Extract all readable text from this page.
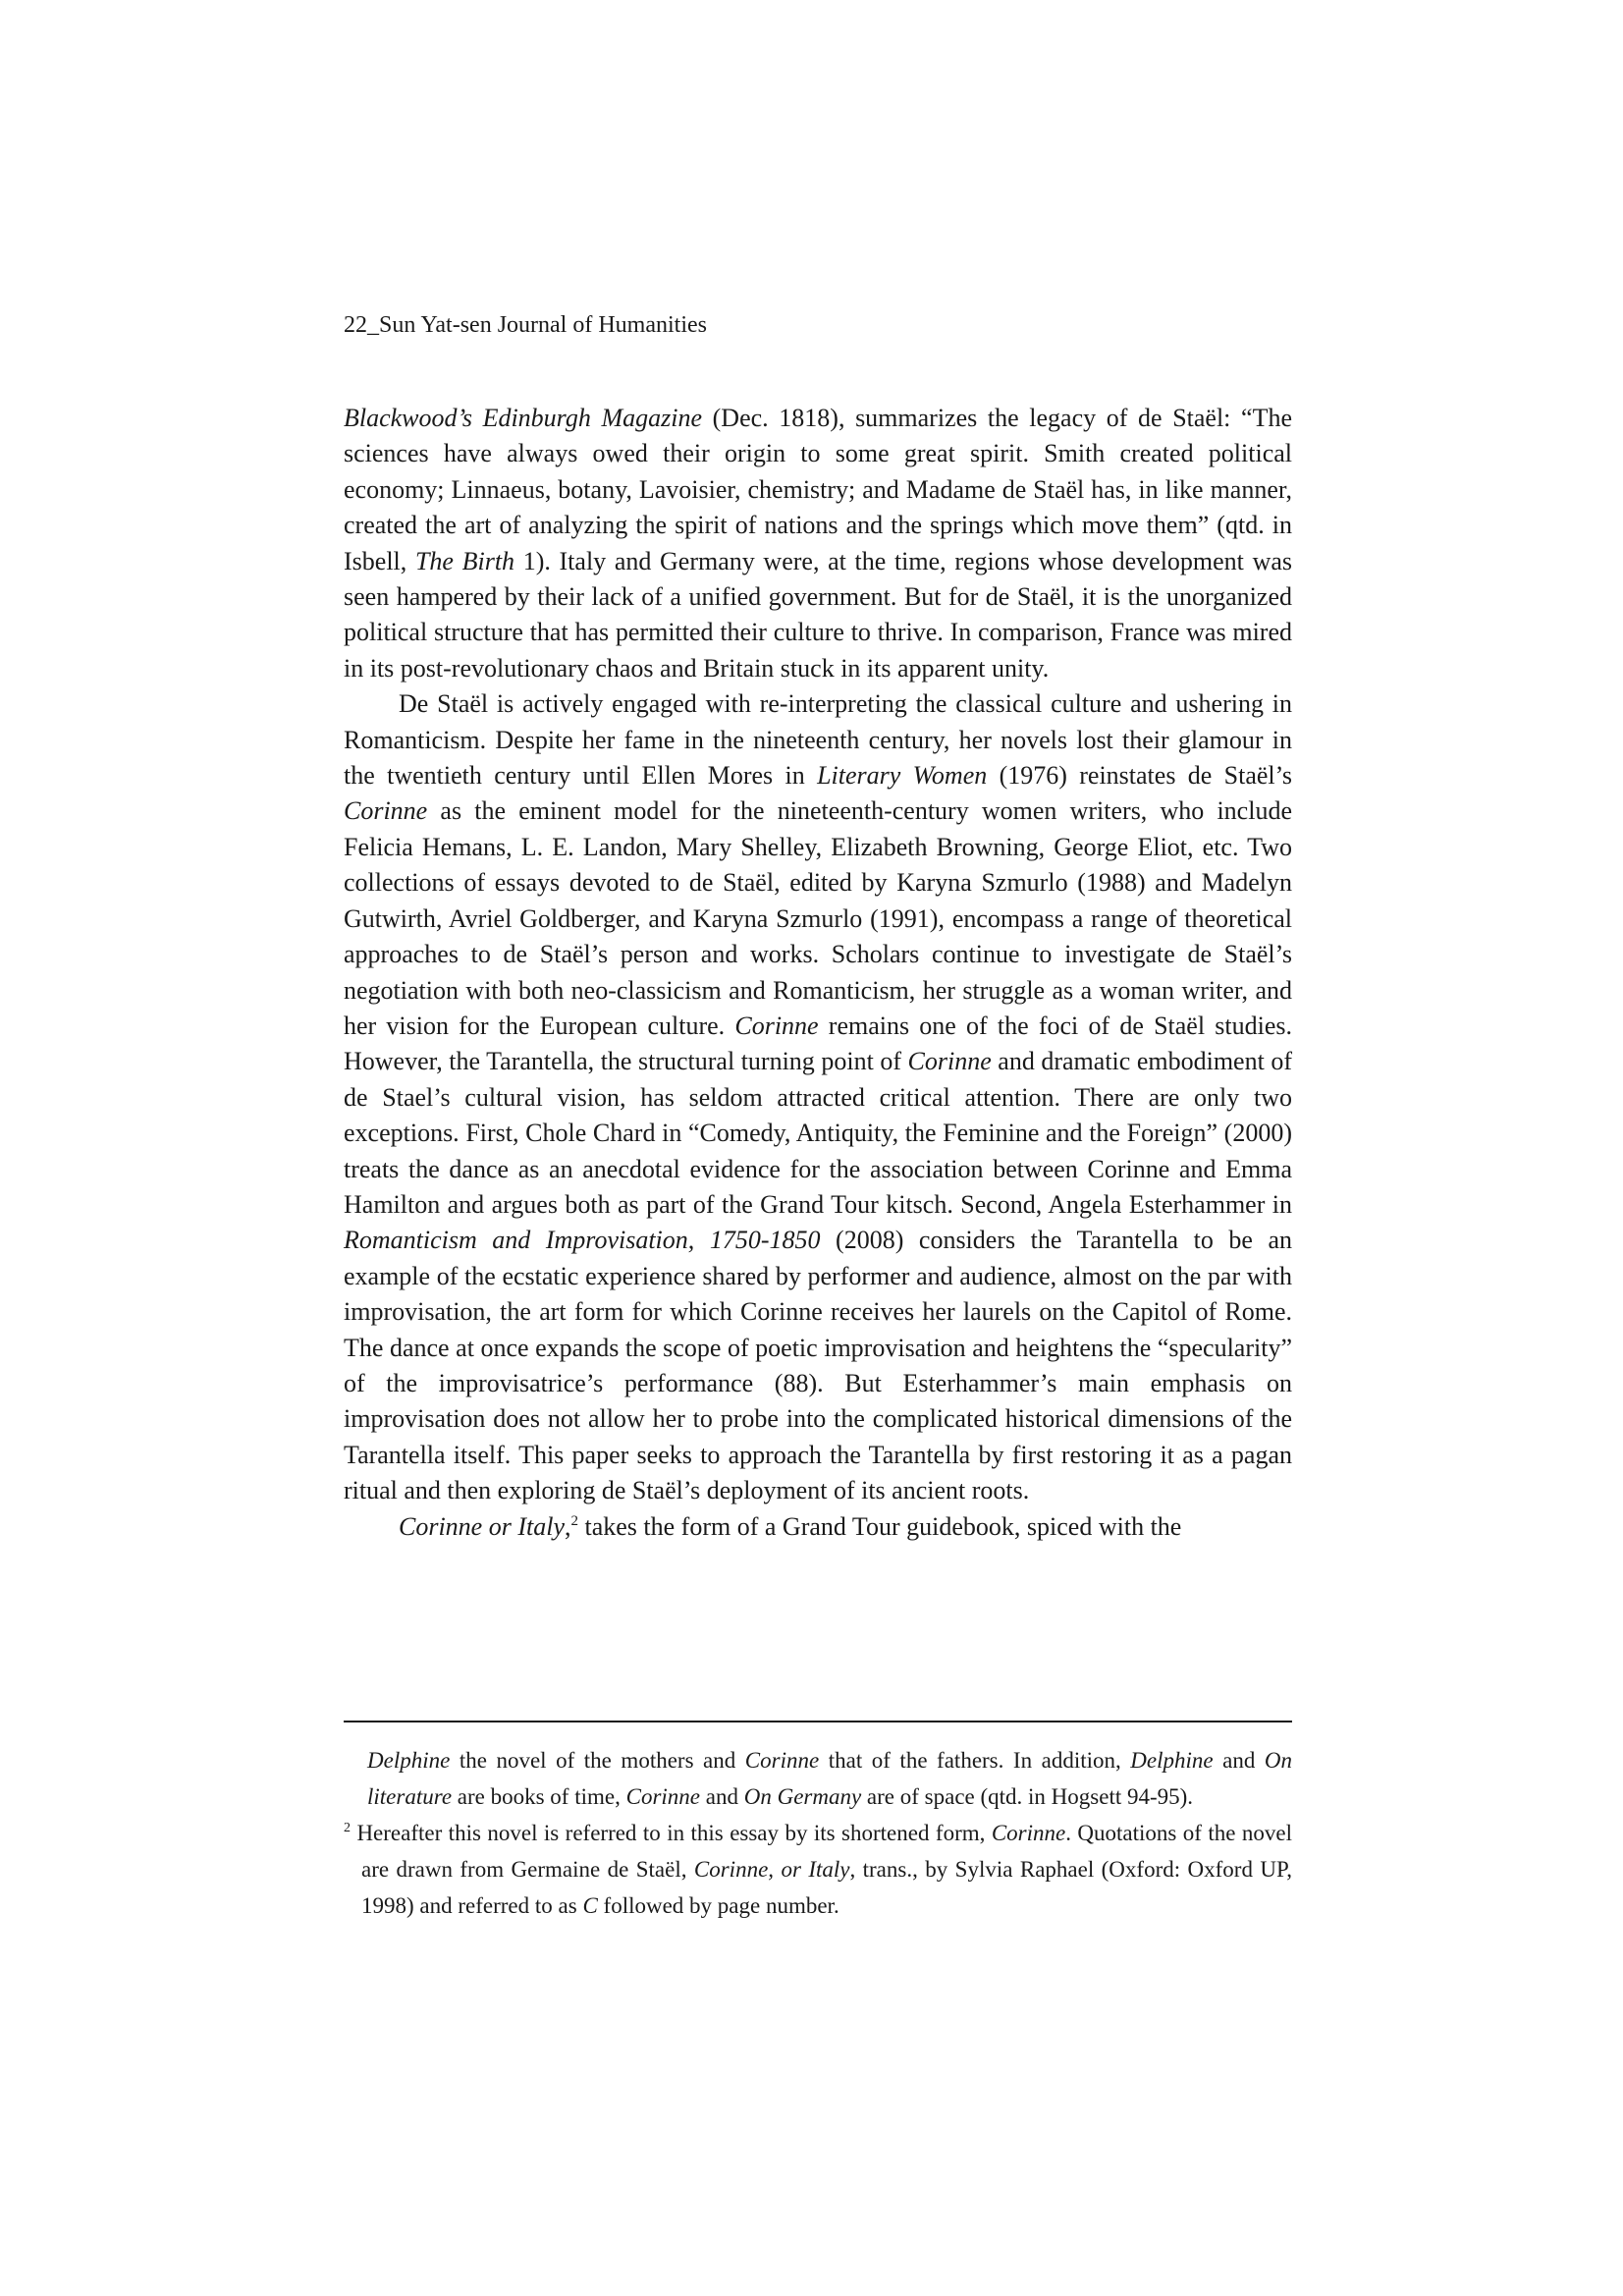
22_Sun Yat-sen Journal of Humanities

Blackwood’s Edinburgh Magazine (Dec. 1818), summarizes the legacy of de Staël: “The sciences have always owed their origin to some great spirit. Smith created political economy; Linnaeus, botany, Lavoisier, chemistry; and Madame de Staël has, in like manner, created the art of analyzing the spirit of nations and the springs which move them” (qtd. in Isbell, The Birth 1). Italy and Germany were, at the time, regions whose development was seen hampered by their lack of a unified government. But for de Staël, it is the unorganized political structure that has permitted their culture to thrive. In comparison, France was mired in its post-revolutionary chaos and Britain stuck in its apparent unity.

De Staël is actively engaged with re-interpreting the classical culture and ushering in Romanticism. Despite her fame in the nineteenth century, her novels lost their glamour in the twentieth century until Ellen Mores in Literary Women (1976) reinstates de Staël’s Corinne as the eminent model for the nineteenth-century women writers, who include Felicia Hemans, L. E. Landon, Mary Shelley, Elizabeth Browning, George Eliot, etc. Two collections of essays devoted to de Staël, edited by Karyna Szmurlo (1988) and Madelyn Gutwirth, Avriel Goldberger, and Karyna Szmurlo (1991), encompass a range of theoretical approaches to de Staël’s person and works. Scholars continue to investigate de Staël’s negotiation with both neo-classicism and Romanticism, her struggle as a woman writer, and her vision for the European culture. Corinne remains one of the foci of de Staël studies. However, the Tarantella, the structural turning point of Corinne and dramatic embodiment of de Stael’s cultural vision, has seldom attracted critical attention. There are only two exceptions. First, Chole Chard in “Comedy, Antiquity, the Feminine and the Foreign” (2000) treats the dance as an anecdotal evidence for the association between Corinne and Emma Hamilton and argues both as part of the Grand Tour kitsch. Second, Angela Esterhammer in Romanticism and Improvisation, 1750-1850 (2008) considers the Tarantella to be an example of the ecstatic experience shared by performer and audience, almost on the par with improvisation, the art form for which Corinne receives her laurels on the Capitol of Rome. The dance at once expands the scope of poetic improvisation and heightens the “specularity” of the improvisatrice’s performance (88). But Esterhammer’s main emphasis on improvisation does not allow her to probe into the complicated historical dimensions of the Tarantella itself. This paper seeks to approach the Tarantella by first restoring it as a pagan ritual and then exploring de Staël’s deployment of its ancient roots.

Corinne or Italy,$^2$ takes the form of a Grand Tour guidebook, spiced with the

Delphine the novel of the mothers and Corinne that of the fathers. In addition, Delphine and On literature are books of time, Corinne and On Germany are of space (qtd. in Hogsett 94-95).

$^2$ Hereafter this novel is referred to in this essay by its shortened form, Corinne. Quotations of the novel are drawn from Germaine de Staël, Corinne, or Italy, trans., by Sylvia Raphael (Oxford: Oxford UP, 1998) and referred to as C followed by page number.
